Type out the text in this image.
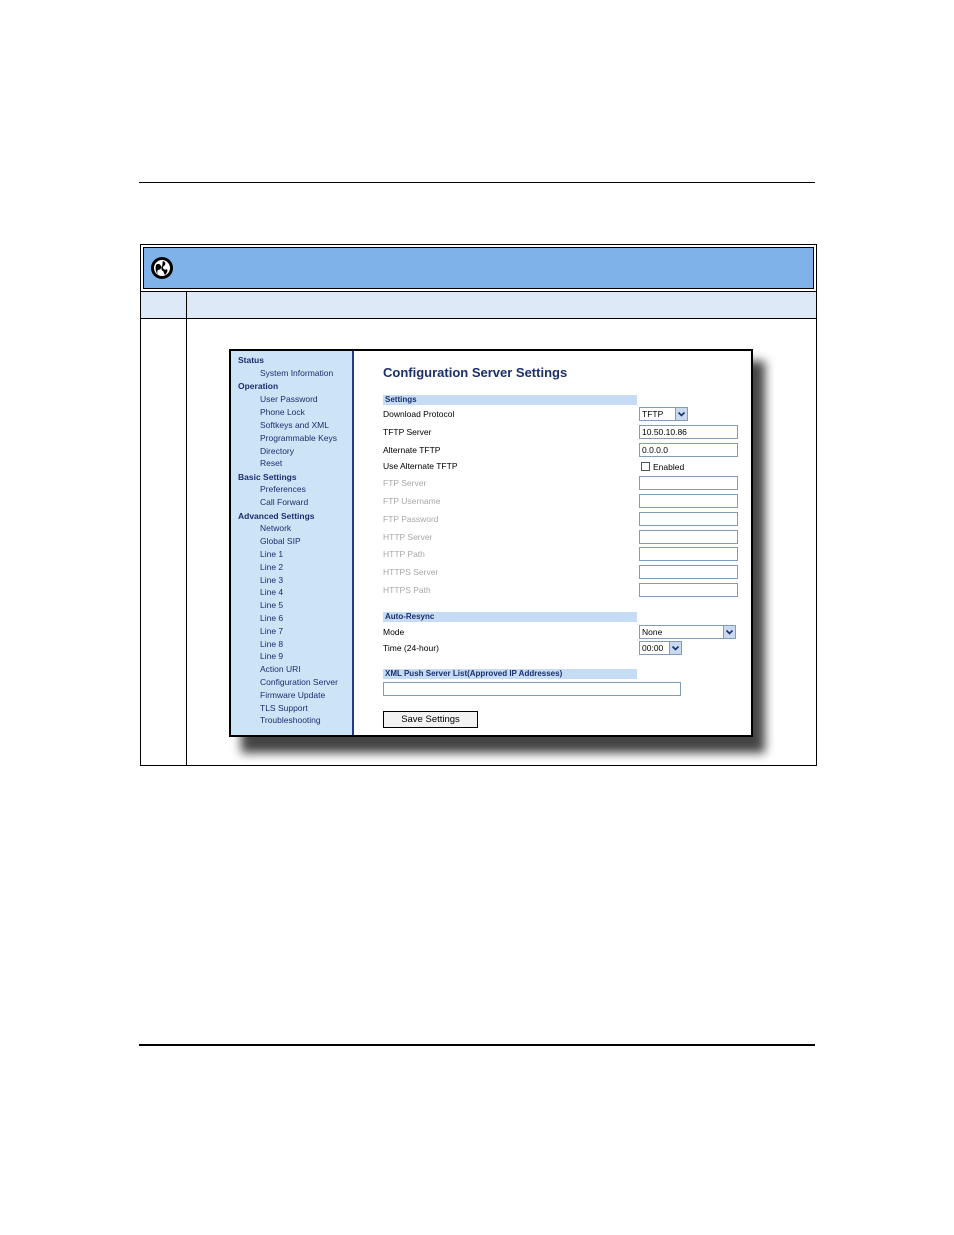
Status
System Information
Operation
User Password
Phone Lock
Softkeys and XML
Programmable Keys
Directory
Reset
Basic Settings
Preferences
Call Forward
Advanced Settings
Network
Global SIP
Line 1
Line 2
Line 3
Line 4
Line 5
Line 6
Line 7
Line 8
Line 9
Action URI
Configuration Server
Firmware Update
TLS Support
Troubleshooting
Configuration Server Settings
Settings
Download Protocol	TFTP
TFTP Server	10.50.10.86
Alternate TFTP	0.0.0.0
Use Alternate TFTP	Enabled
FTP Server
FTP Username
FTP Password
HTTP Server
HTTP Path
HTTPS Server
HTTPS Path
Auto-Resync
Mode	None
Time (24-hour)	00:00
XML Push Server List(Approved IP Addresses)
Save Settings
